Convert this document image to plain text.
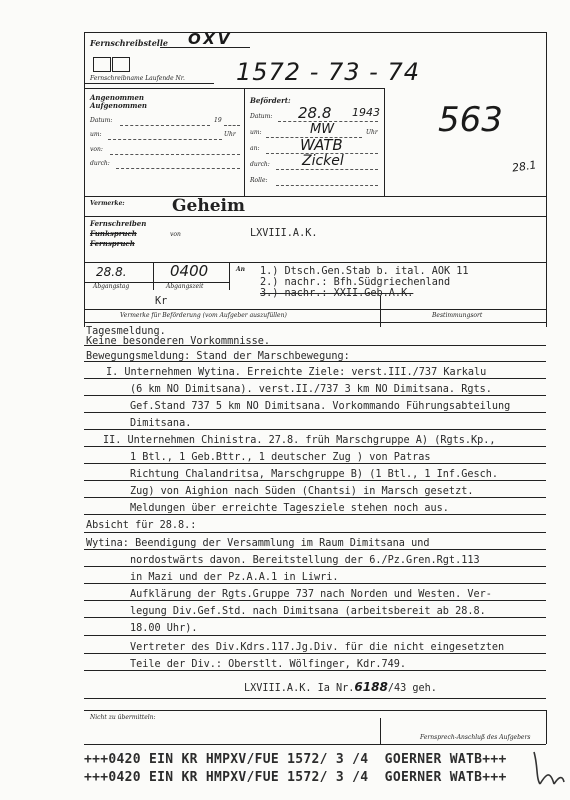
Fernschreibstelle OXV
Fernschreibname Laufende Nr. 1572 - 73 - 74
563
28.1
Angenommen
Aufgenommen
Datum:	19
um:	Uhr
von:
durch:
Befördert:
Datum: 28.8 1943
um:	MW	Uhr
an:	WATB
durch: Zickel
Rolle:
Vermerke:	Geheim
Fernschreiben
Funkspruch
Fernspruch
von	LXVIII.A.K.
28.8.	0400
Abgangstag	Abgangszeit
An 1.) Dtsch.Gen.Stab b. ital. AOK 11
2.) nachr.: Bfh.Südgriechenland
3.) nachr.: XXII.Geb.A.K.
Kr
Vermerke für Beförderung (vom Aufgeber auszufüllen)	Bestimmungsort
Tagesmeldung.
Keine besonderen Vorkommnisse.
Bewegungsmeldung: Stand der Marschbewegung:
I. Unternehmen Wytina. Erreichte Ziele: verst.III./737 Karkalu
(6 km NO Dimitsana). verst.II./737 3 km NO Dimitsana. Rgts.
Gef.Stand 737 5 km NO Dimitsana. Vorkommando Führungsabteilung
Dimitsana.
II. Unternehmen Chinistra. 27.8. früh Marschgruppe A) (Rgts.Kp.,
1 Btl., 1 Geb.Bttr., 1 deutscher Zug ) von Patras
Richtung Chalandritsa, Marschgruppe B) (1 Btl., 1 Inf.Gesch.
Zug) von Aighion nach Süden (Chantsi) in Marsch gesetzt.
Meldungen über erreichte Tagesziele stehen noch aus.
Absicht für 28.8.:
Wytina: Beendigung der Versammlung im Raum Dimitsana und
nordostwärts davon. Bereitstellung der 6./Pz.Gren.Rgt.113
in Mazi und der Pz.A.A.1 in Liwri.
Aufklärung der Rgts.Gruppe 737 nach Norden und Westen. Ver-
legung Div.Gef.Std. nach Dimitsana (arbeitsbereit ab 28.8.
18.00 Uhr).
Vertreter des Div.Kdrs.117.Jg.Div. für die nicht eingesetzten
Teile der Div.: Oberstlt. Wölfinger, Kdr.749.
LXVIII.A.K. Ia Nr.6188/43 geh.
Nicht zu übermitteln:
Fernsprech-Anschluß des Aufgebers
+++0420 EIN KR HMPXV/FUE 1572/ 3 /4  GOERNER WATB+++
+++0420 EIN KR HMPXV/FUE 1572/ 3 /4  GOERNER WATB+++
